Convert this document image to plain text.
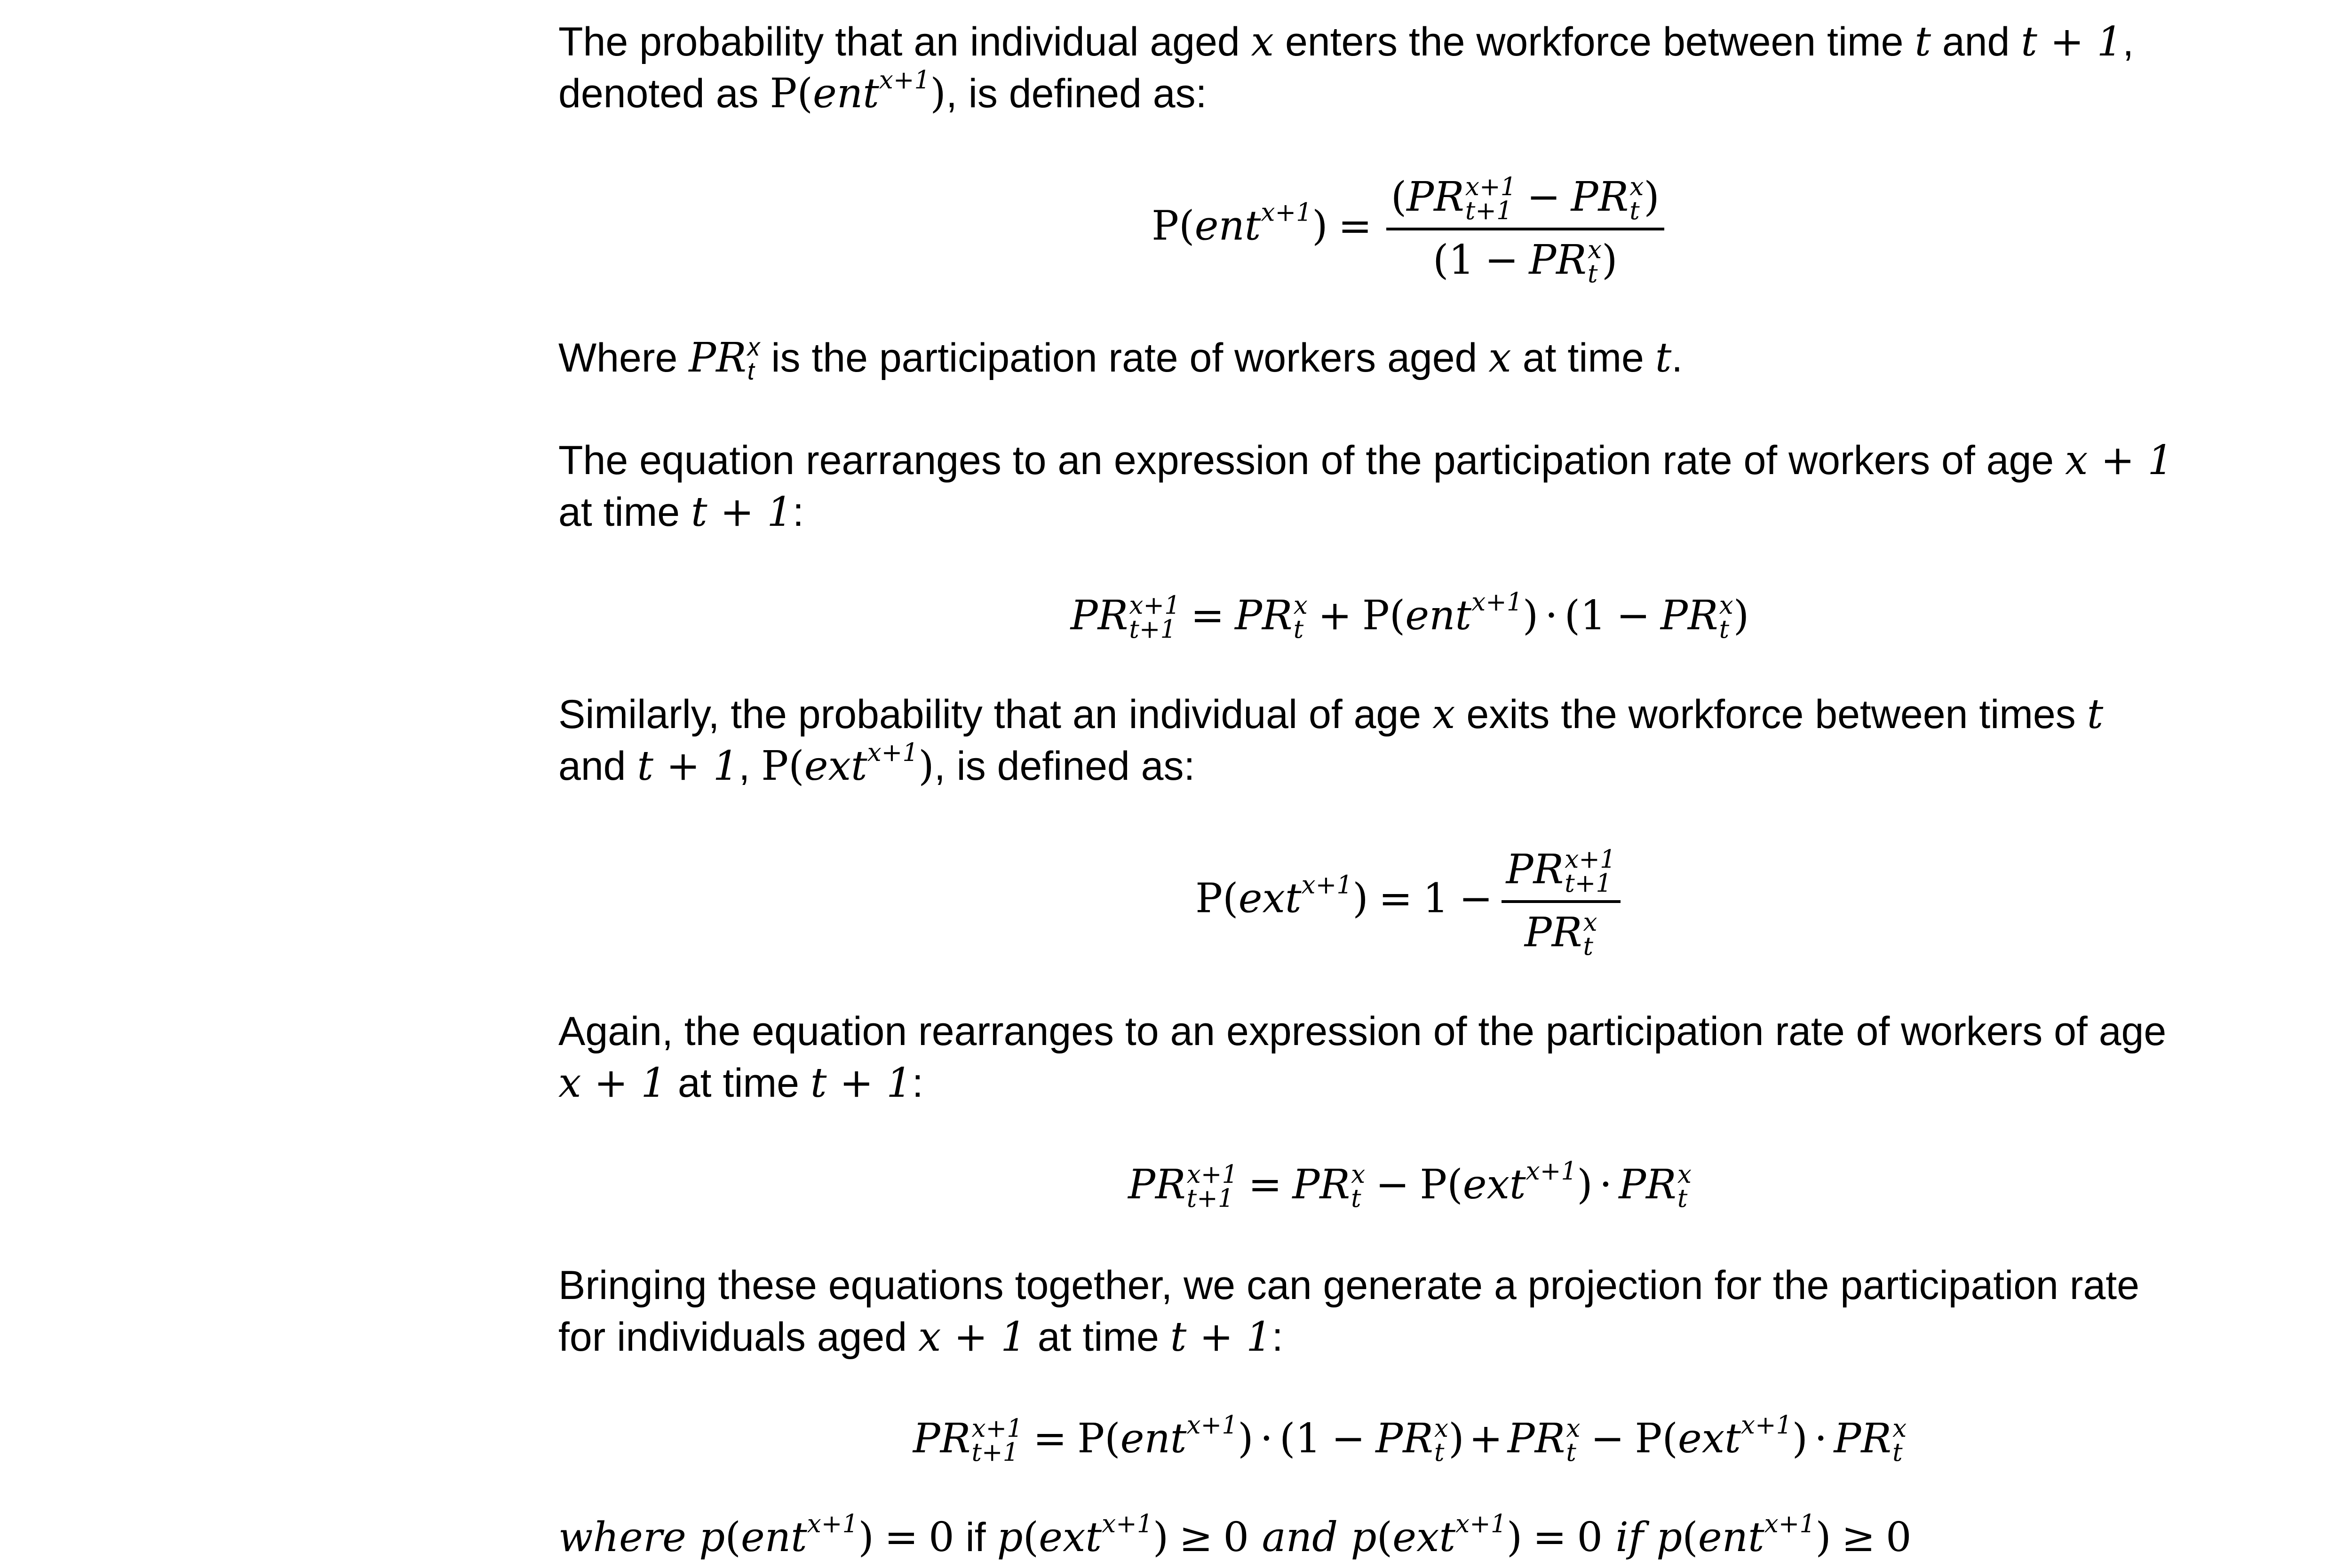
The probability that an individual aged x enters the workforce between time t and t + 1,

denoted as P(ent$^{x+1}$), is defined as:

P(ent$^{x+1}$) = (PR x+1
t+1 − PR x
t )
(1 − PR x
t )

Where PR x
t is the participation rate of workers aged x at time t.

The equation rearranges to an expression of the participation rate of workers of age x + 1

at time t + 1:

PR x+1
t+1 = PR x
t + P(ent$^{x+1}$) · (1 − PR x
t )

Similarly, the probability that an individual of age x exits the workforce between times t

and t + 1, P(ext$^{x+1}$), is defined as:

P(ext$^{x+1}$) = 1 − PR x+1
t+1
PR x
t

Again, the equation rearranges to an expression of the participation rate of workers of age

x + 1 at time t + 1:

PR x+1
t+1 = PR x
t − P(ext$^{x+1}$) · PR x
t

Bringing these equations together, we can generate a projection for the participation rate

for individuals aged x + 1 at time t + 1:

PR x+1
t+1 = P(ent$^{x+1}$) · (1 − PR x
t ) + PR x
t − P(ext$^{x+1}$) · PR x
t

where p(ent$^{x+1}$) = 0 if p(ext$^{x+1}$) ≥ 0 and p(ext$^{x+1}$) = 0 if p(ent$^{x+1}$) ≥ 0
